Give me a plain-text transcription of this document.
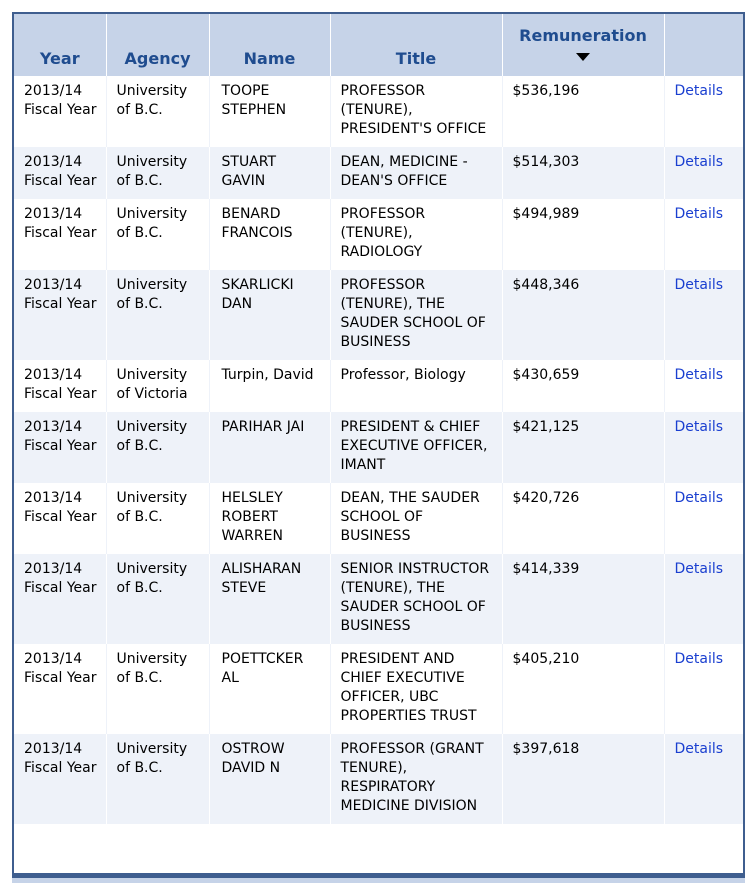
Year	Agency	Name	Title	Remuneration

2013/14 Fiscal Year	University of B.C.	TOOPE STEPHEN	PROFESSOR (TENURE), PRESIDENT'S OFFICE	$536,196	Details
2013/14 Fiscal Year	University of B.C.	STUART GAVIN	DEAN, MEDICINE - DEAN'S OFFICE	$514,303	Details
2013/14 Fiscal Year	University of B.C.	BENARD FRANCOIS	PROFESSOR (TENURE), RADIOLOGY	$494,989	Details
2013/14 Fiscal Year	University of B.C.	SKARLICKI DAN	PROFESSOR (TENURE), THE SAUDER SCHOOL OF BUSINESS	$448,346	Details
2013/14 Fiscal Year	University of Victoria	Turpin, David	Professor, Biology	$430,659	Details
2013/14 Fiscal Year	University of B.C.	PARIHAR JAI	PRESIDENT & CHIEF EXECUTIVE OFFICER, IMANT	$421,125	Details
2013/14 Fiscal Year	University of B.C.	HELSLEY ROBERT WARREN	DEAN, THE SAUDER SCHOOL OF BUSINESS	$420,726	Details
2013/14 Fiscal Year	University of B.C.	ALISHARAN STEVE	SENIOR INSTRUCTOR (TENURE), THE SAUDER SCHOOL OF BUSINESS	$414,339	Details
2013/14 Fiscal Year	University of B.C.	POETTCKER AL	PRESIDENT AND CHIEF EXECUTIVE OFFICER, UBC PROPERTIES TRUST	$405,210	Details
2013/14 Fiscal Year	University of B.C.	OSTROW DAVID N	PROFESSOR (GRANT TENURE), RESPIRATORY MEDICINE DIVISION	$397,618	Details
